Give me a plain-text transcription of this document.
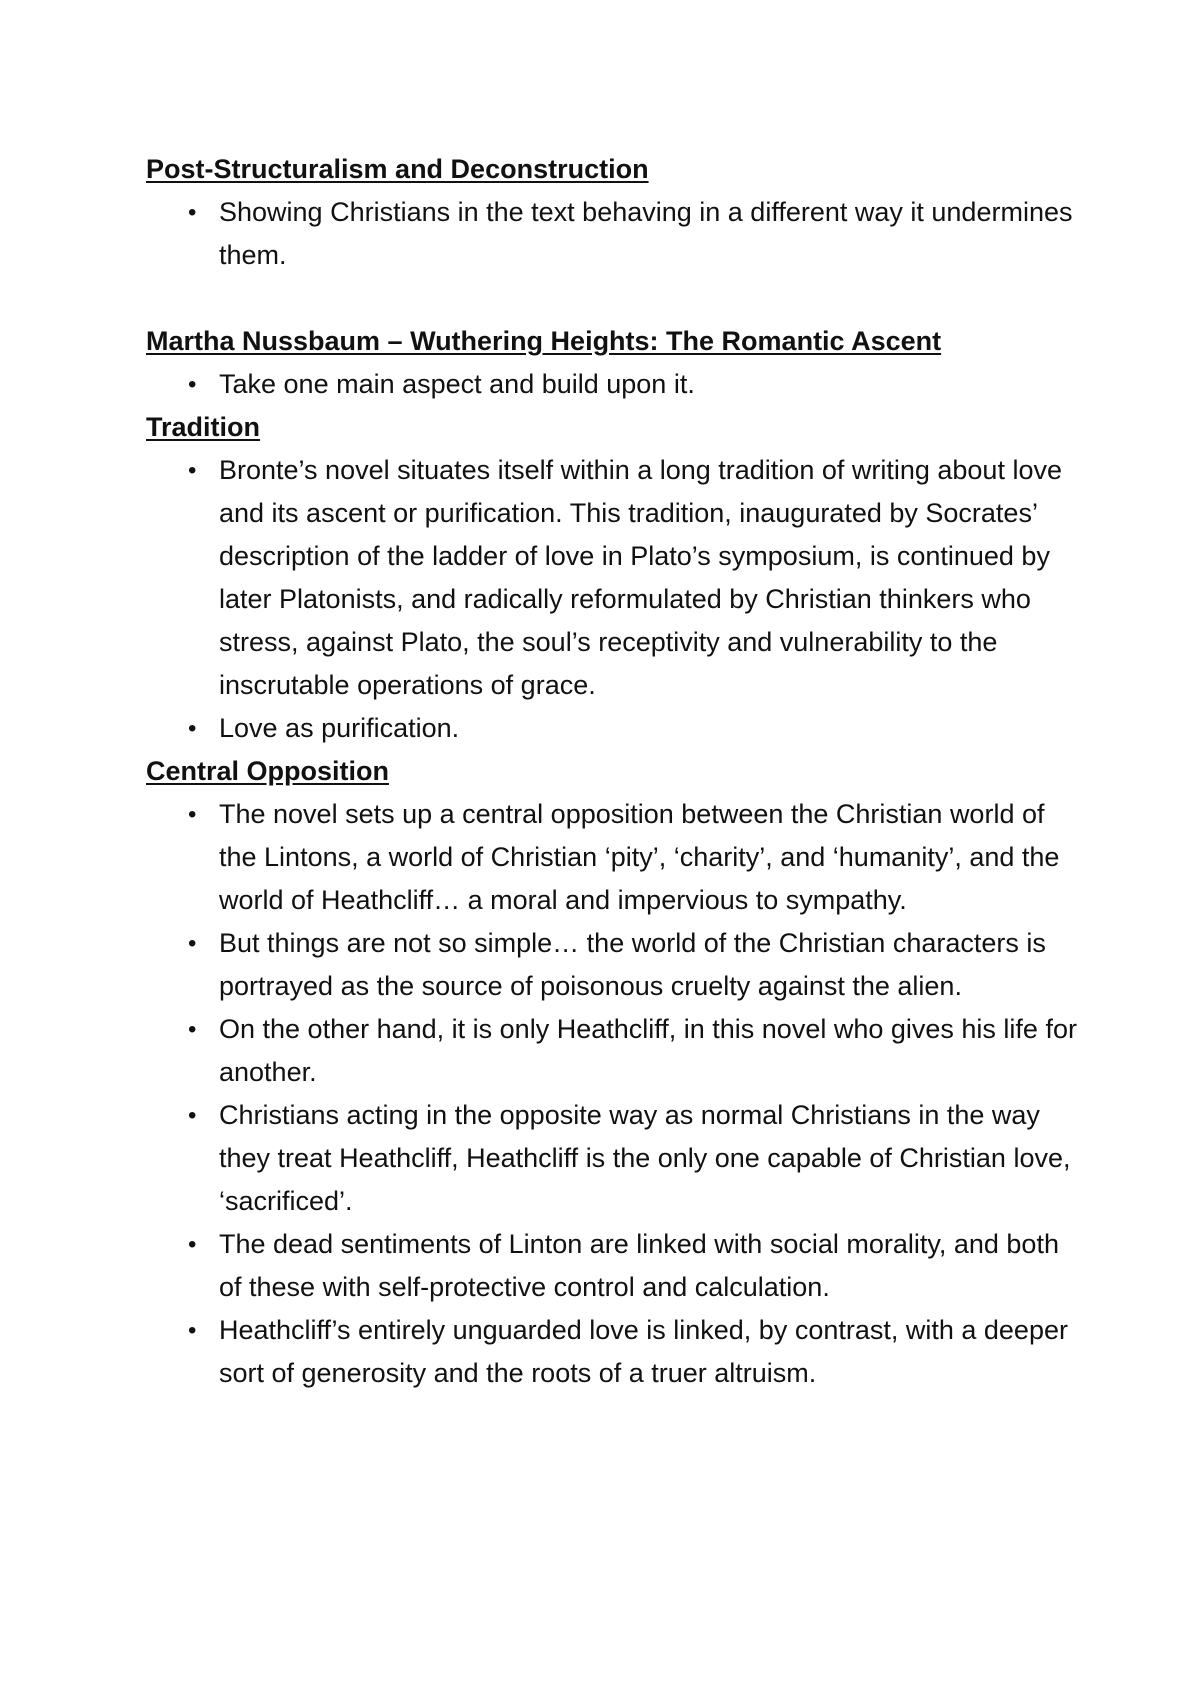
Post-Structuralism and Deconstruction
• Showing Christians in the text behaving in a different way it undermines them.
Martha Nussbaum – Wuthering Heights: The Romantic Ascent
• Take one main aspect and build upon it.
Tradition
• Bronte’s novel situates itself within a long tradition of writing about love and its ascent or purification. This tradition, inaugurated by Socrates’ description of the ladder of love in Plato’s symposium, is continued by later Platonists, and radically reformulated by Christian thinkers who stress, against Plato, the soul’s receptivity and vulnerability to the inscrutable operations of grace.
• Love as purification.
Central Opposition
• The novel sets up a central opposition between the Christian world of the Lintons, a world of Christian ‘pity’, ‘charity’, and ‘humanity’, and the world of Heathcliff… a moral and impervious to sympathy.
• But things are not so simple… the world of the Christian characters is portrayed as the source of poisonous cruelty against the alien.
• On the other hand, it is only Heathcliff, in this novel who gives his life for another.
• Christians acting in the opposite way as normal Christians in the way they treat Heathcliff, Heathcliff is the only one capable of Christian love, ‘sacrificed’.
• The dead sentiments of Linton are linked with social morality, and both of these with self-protective control and calculation.
• Heathcliff’s entirely unguarded love is linked, by contrast, with a deeper sort of generosity and the roots of a truer altruism.
